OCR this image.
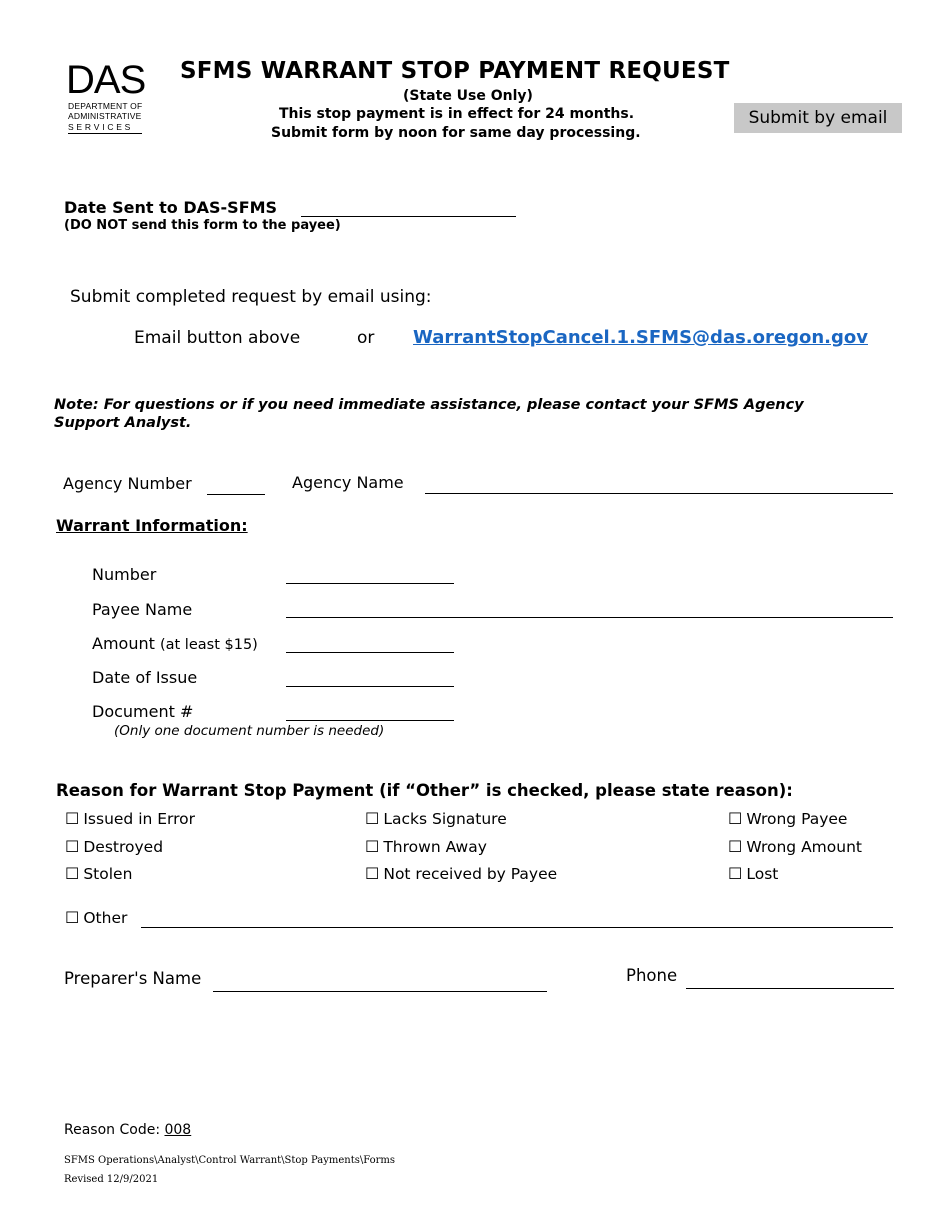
DAS
DEPARTMENT OF
ADMINISTRATIVE
S E R V I C E S
SFMS WARRANT STOP PAYMENT REQUEST
(State Use Only)
This stop payment is in effect for 24 months.
Submit form by noon for same day processing.
Submit by email
Date Sent to DAS-SFMS
(DO NOT send this form to the payee)
Submit completed request by email using:
Email button above	or WarrantStopCancel.1.SFMS@das.oregon.gov
Note: For questions or if you need immediate assistance, please contact your SFMS Agency Support Analyst.
Agency Number	Agency Name
Warrant Information:
Number
Payee Name
Amount (at least $15)
Date of Issue
Document #
(Only one document number is needed)
Reason for Warrant Stop Payment (if “Other” is checked, please state reason):
☐ Issued in Error	☐ Lacks Signature	☐ Wrong Payee
☐ Destroyed	☐ Thrown Away	☐ Wrong Amount
☐ Stolen	☐ Not received by Payee	☐ Lost
☐ Other
Preparer's Name	Phone
Reason Code: 008
SFMS Operations\Analyst\Control Warrant\Stop Payments\Forms
Revised 12/9/2021
